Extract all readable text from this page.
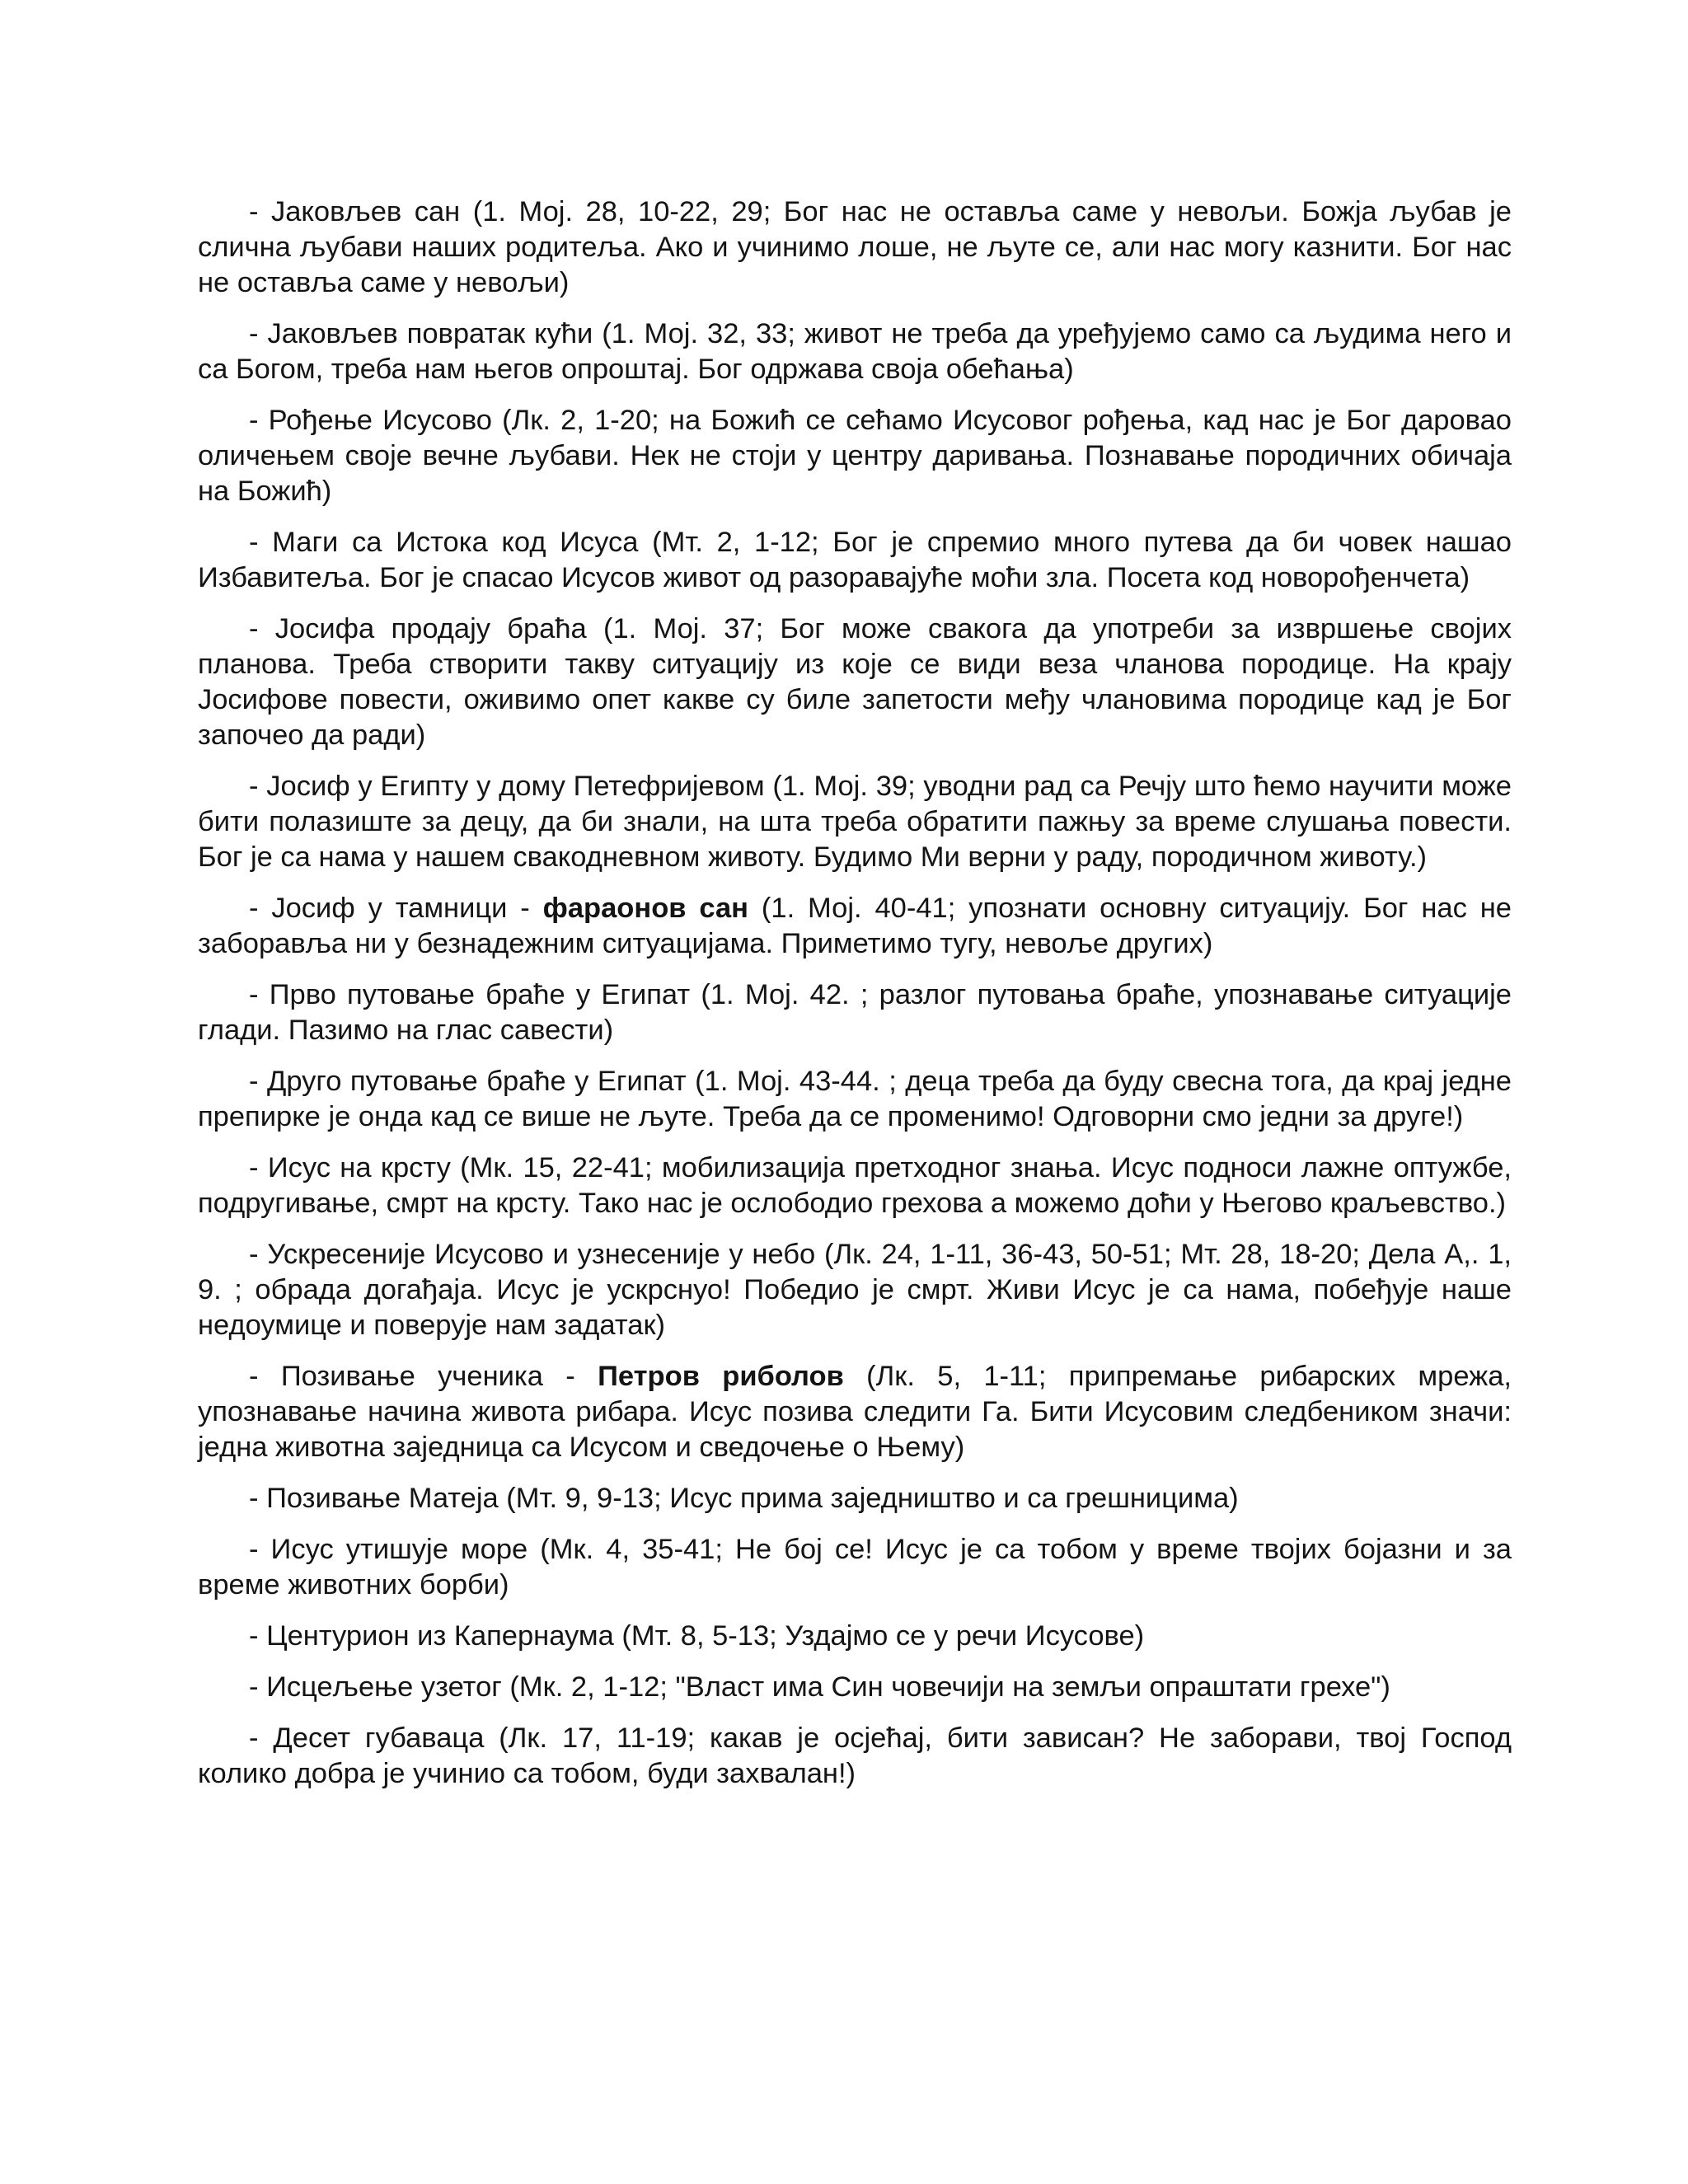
- Јаковљев сан (1. Мој. 28, 10-22, 29; Бог нас не оставља саме у невољи. Божја љубав је слична љубави наших родитеља. Ако и учинимо лоше, не љуте се, али нас могу казнити. Бог нас не оставља саме у невољи)

- Јаковљев повратак кући (1. Мој. 32, 33; живот не треба да уређујемо само са људима него и са Богом, треба нам његов опроштај. Бог одржава своја обећања)

- Рођење Исусово (Лк. 2, 1-20; на Божић се сећамо Исусовог рођења, кад нас је Бог даровао оличењем своје вечне љубави. Нек не стоји у центру даривања. Познавање породичних обичаја на Божић)

- Маги са Истока код Исуса (Мт. 2, 1-12; Бог је спремио много путева да би човек нашао Избавитеља. Бог је спасао Исусов живот од разоравајуће моћи зла. Посета код новорођенчета)

- Јосифа продају браћа (1. Мој. 37; Бог може свакога да употреби за извршење својих планова. Треба створити такву ситуацију из које се види веза чланова породице. На крају Јосифове повести, оживимо опет какве су биле запетости међу члановима породице кад је Бог започео да ради)

- Јосиф у Египту у дому Петефријевом (1. Мој. 39; уводни рад са Речју што ћемо научити може бити полазиште за децу, да би знали, на шта треба обратити пажњу за време слушања повести. Бог је са нама у нашем свакодневном животу. Будимо Ми верни у раду, породичном животу.)

- Јосиф у тамници - фараонов сан (1. Мој. 40-41; упознати основну ситуацију. Бог нас не заборавља ни у безнадежним ситуацијама. Приметимо тугу, невоље других)

- Прво путовање браће у Египат (1. Мој. 42. ; разлог путовања браће, упознавање ситуације глади. Пазимо на глас савести)

- Друго путовање браће у Египат (1. Мој. 43-44. ; деца треба да буду свесна тога, да крај једне препирке је онда кад се више не љуте. Треба да се променимо! Одговорни смо једни за друге!)

- Исус на крсту (Мк. 15, 22-41; мобилизација претходног знања. Исус подноси лажне оптужбе, подругивање, смрт на крсту. Тако нас је ослободио грехова а можемо доћи у Његово краљевство.)

- Ускресеније Исусово и узнесеније у небо (Лк. 24, 1-11, 36-43, 50-51; Мт. 28, 18-20; Дела А,. 1, 9. ; обрада догађаја. Исус је ускрснуо! Победио је смрт. Живи Исус је са нама, побеђује наше недоумице и поверује нам задатак)

- Позивање ученика - Петров риболов (Лк. 5, 1-11; припремање рибарских мрежа, упознавање начина живота рибара. Исус позива следити Га. Бити Исусовим следбеником значи: једна животна заједница са Исусом и сведочење о Њему)

- Позивање Матеја (Мт. 9, 9-13; Исус прима заједништво и са грешницима)

- Исус утишује море (Мк. 4, 35-41; Не бој се! Исус је са тобом у време твојих бојазни и за време животних борби)

- Центурион из Капернаума (Мт. 8, 5-13; Уздајмо се у речи Исусове)

- Исцељење узетог (Мк. 2, 1-12; "Власт има Син човечији на земљи опраштати грехе")

- Десет губаваца (Лк. 17, 11-19; какав је осјећај, бити зависан? Не заборави, твој Господ колико добра је учинио са тобом, буди захвалан!)
